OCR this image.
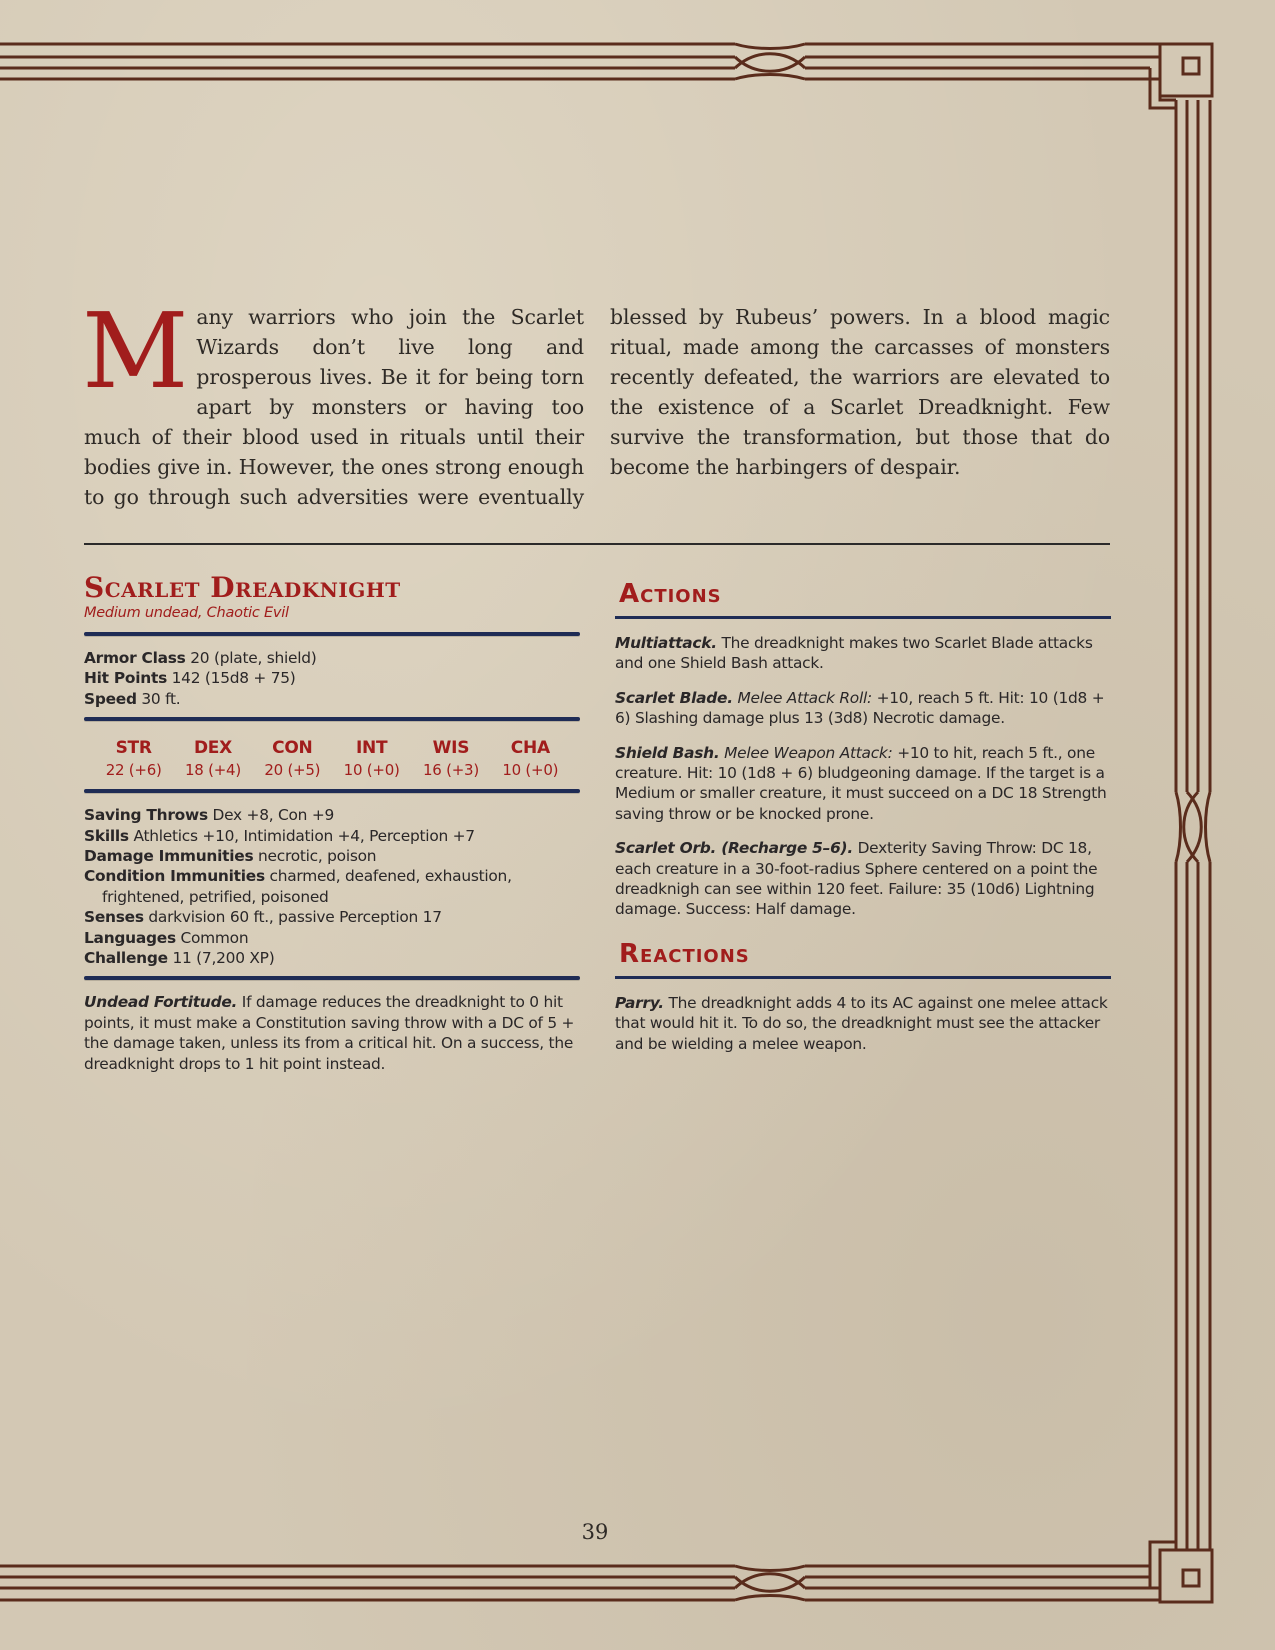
M any warriors who join the Scarlet Wizards don’t live long and prosperous lives. Be it for being torn apart by monsters or having too much of their blood used in rituals until their bodies give in. However, the ones strong enough to go through such adversities were eventually blessed by Rubeus’ powers. In a blood magic ritual, made among the carcasses of monsters recently defeated, the warriors are elevated to the existence of a Scarlet Dreadknight. Few survive the transformation, but those that do become the harbingers of despair.

Scarlet Dreadknight

Medium undead, Chaotic Evil

Armor Class 20 (plate, shield)

Hit Points 142 (15d8 + 75)

Speed 30 ft.

STR
22 (+6)
DEX
18 (+4)
CON
20 (+5)
INT
10 (+0)
WIS
16 (+3)
CHA
10 (+0)

Saving Throws Dex +8, Con +9

Skills Athletics +10, Intimidation +4, Perception +7

Damage Immunities necrotic, poison

Condition Immunities charmed, deafened, exhaustion, frightened, petrified, poisoned

Senses darkvision 60 ft., passive Perception 17

Languages Common

Challenge 11 (7,200 XP)

Undead Fortitude. If damage reduces the dreadknight to 0 hit points, it must make a Constitution saving throw with a DC of 5 + the damage taken, unless its from a critical hit. On a success, the dreadknight drops to 1 hit point instead.

Actions

Multiattack. The dreadknight makes two Scarlet Blade attacks and one Shield Bash attack.

Scarlet Blade. Melee Attack Roll: +10, reach 5 ft. Hit: 10 (1d8 + 6) Slashing damage plus 13 (3d8) Necrotic damage.

Shield Bash. Melee Weapon Attack: +10 to hit, reach 5 ft., one creature. Hit: 10 (1d8 + 6) bludgeoning damage. If the target is a Medium or smaller creature, it must succeed on a DC 18 Strength saving throw or be knocked prone.

Scarlet Orb. (Recharge 5–6). Dexterity Saving Throw: DC 18, each creature in a 30-foot-radius Sphere centered on a point the dreadknigh can see within 120 feet. Failure: 35 (10d6) Lightning damage. Success: Half damage.

Reactions

Parry. The dreadknight adds 4 to its AC against one melee attack that would hit it. To do so, the dreadknight must see the attacker and be wielding a melee weapon.

39
